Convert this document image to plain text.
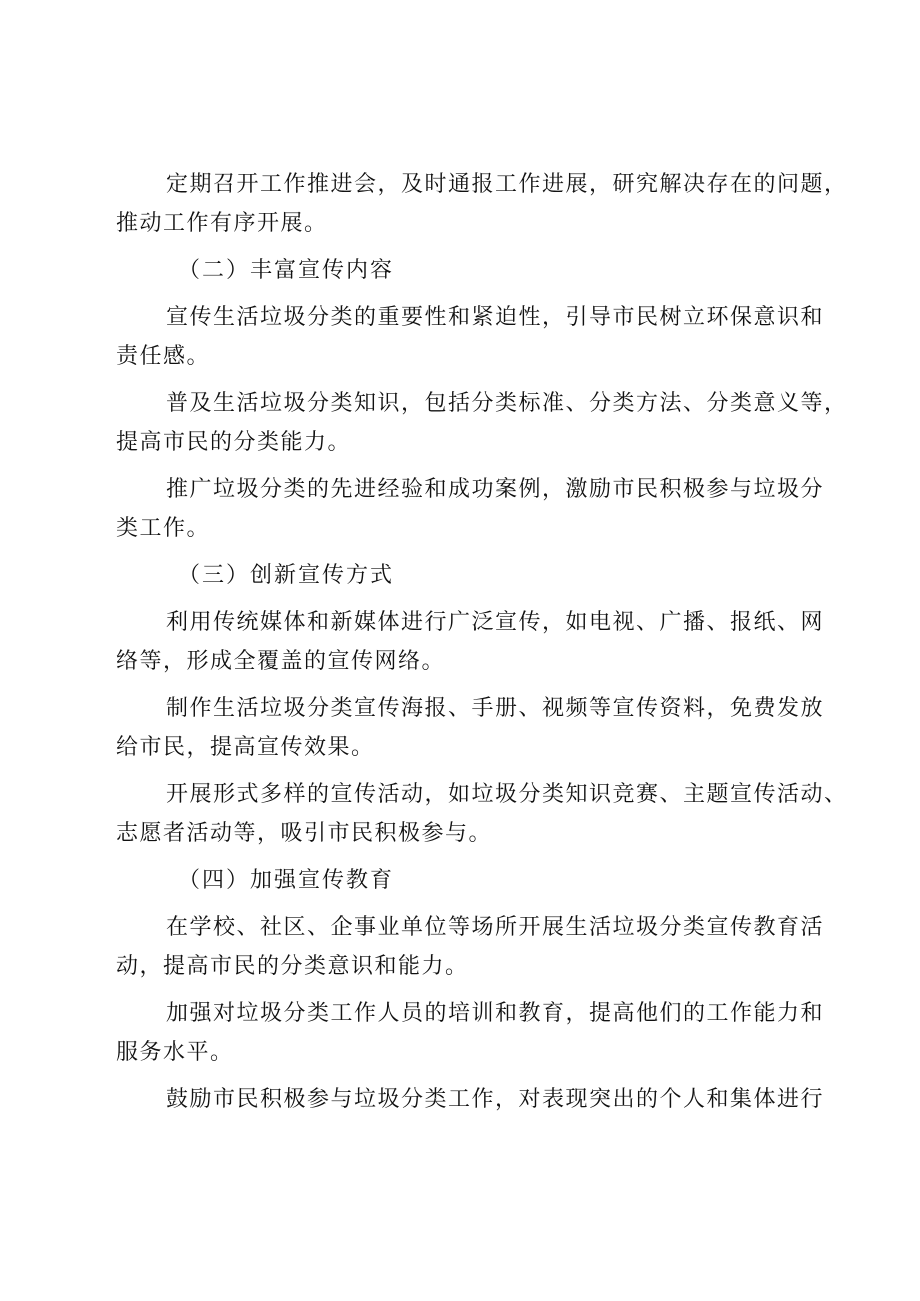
定期召开工作推进会，及时通报工作进展，研究解决存在的问题，
推动工作有序开展。
（二）丰富宣传内容
宣传生活垃圾分类的重要性和紧迫性，引导市民树立环保意识和
责任感。
普及生活垃圾分类知识，包括分类标准、分类方法、分类意义等，
提高市民的分类能力。
推广垃圾分类的先进经验和成功案例，激励市民积极参与垃圾分
类工作。
（三）创新宣传方式
利用传统媒体和新媒体进行广泛宣传，如电视、广播、报纸、网
络等，形成全覆盖的宣传网络。
制作生活垃圾分类宣传海报、手册、视频等宣传资料，免费发放
给市民，提高宣传效果。
开展形式多样的宣传活动，如垃圾分类知识竞赛、主题宣传活动、
志愿者活动等，吸引市民积极参与。
（四）加强宣传教育
在学校、社区、企事业单位等场所开展生活垃圾分类宣传教育活
动，提高市民的分类意识和能力。
加强对垃圾分类工作人员的培训和教育，提高他们的工作能力和
服务水平。
鼓励市民积极参与垃圾分类工作，对表现突出的个人和集体进行
